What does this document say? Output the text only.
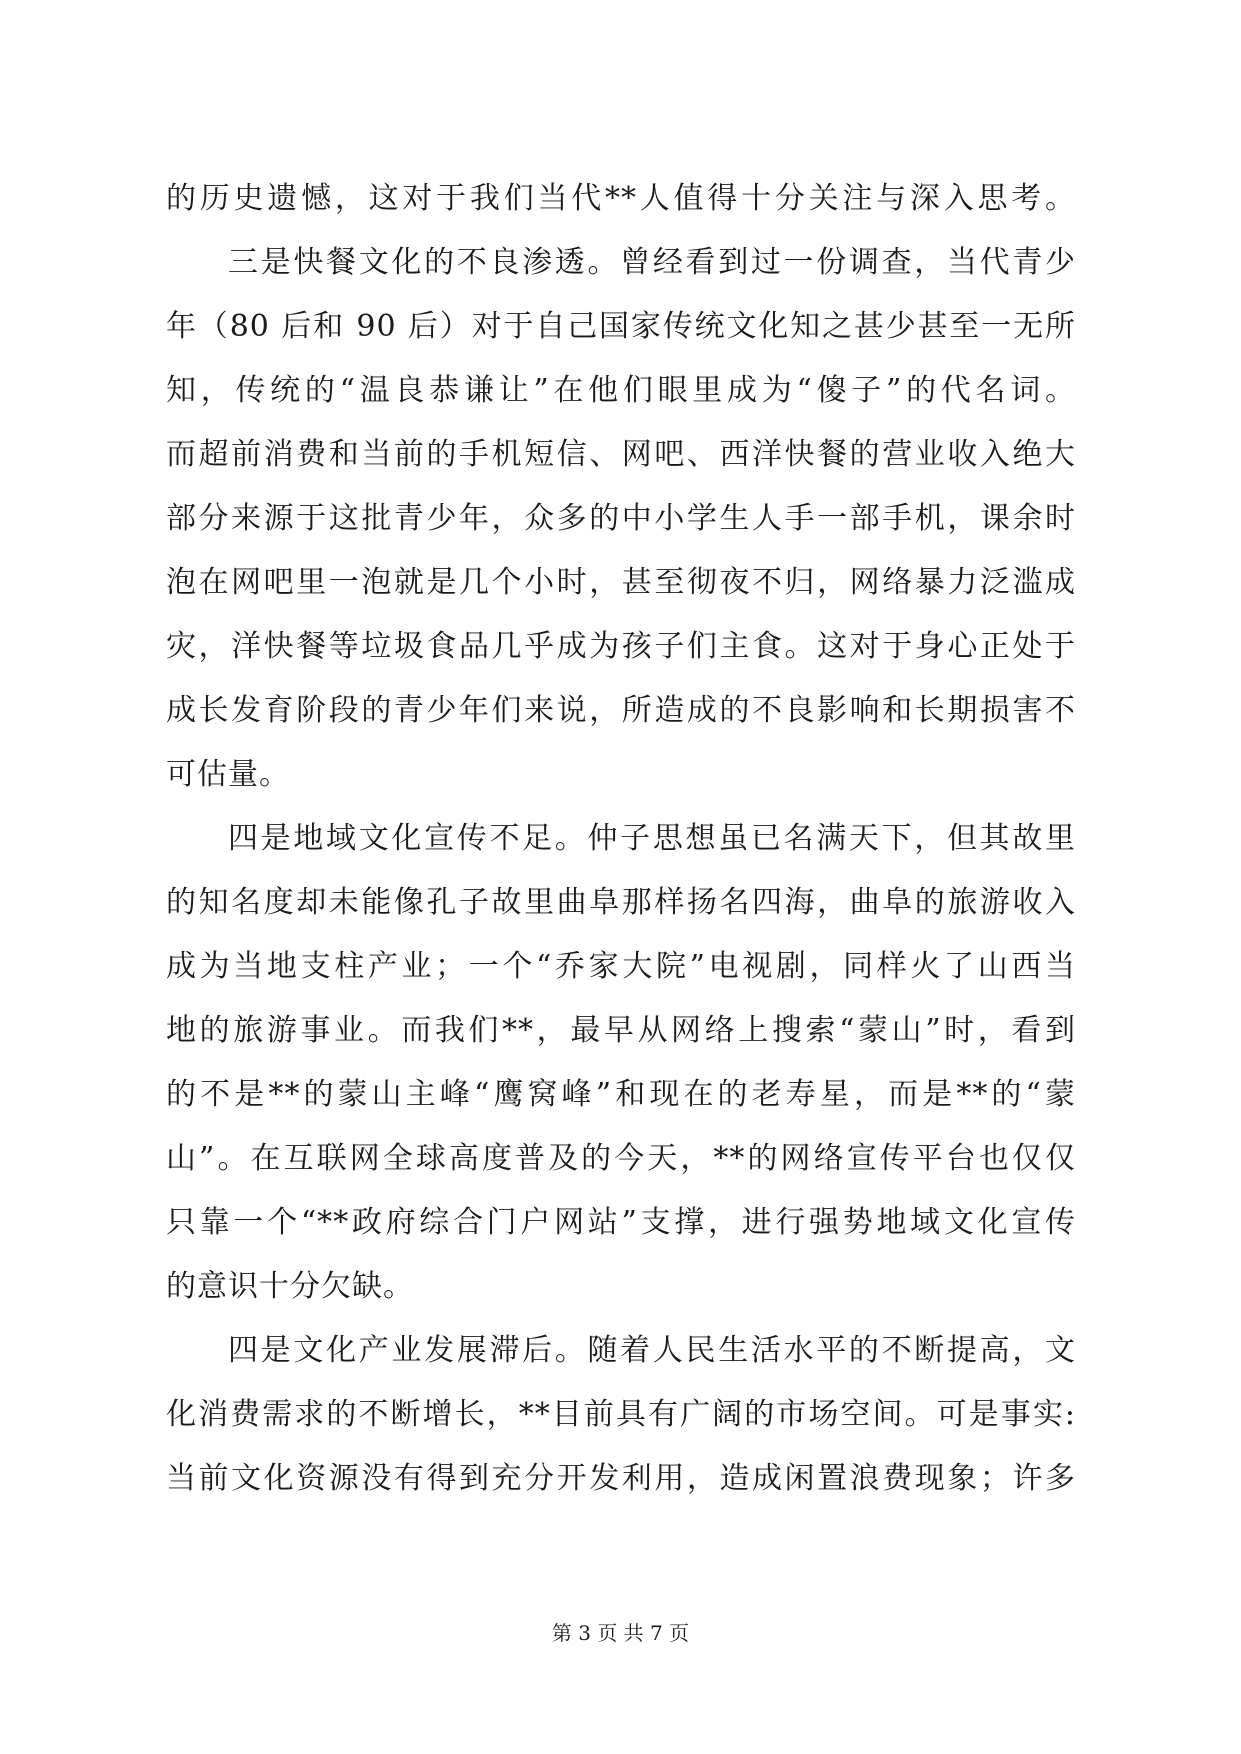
的历史遗憾，这对于我们当代**人值得十分关注与深入思考。
三是快餐文化的不良渗透。曾经看到过一份调查，当代青少
年（80 后和 90 后）对于自己国家传统文化知之甚少甚至一无所
知，传统的“温良恭谦让”在他们眼里成为“傻子”的代名词。
而超前消费和当前的手机短信、网吧、西洋快餐的营业收入绝大
部分来源于这批青少年，众多的中小学生人手一部手机，课余时
泡在网吧里一泡就是几个小时，甚至彻夜不归，网络暴力泛滥成
灾，洋快餐等垃圾食品几乎成为孩子们主食。这对于身心正处于
成长发育阶段的青少年们来说，所造成的不良影响和长期损害不
可估量。
四是地域文化宣传不足。仲子思想虽已名满天下，但其故里
的知名度却未能像孔子故里曲阜那样扬名四海，曲阜的旅游收入
成为当地支柱产业；一个“乔家大院”电视剧，同样火了山西当
地的旅游事业。而我们**，最早从网络上搜索“蒙山”时，看到
的不是**的蒙山主峰“鹰窝峰”和现在的老寿星，而是**的“蒙
山”。在互联网全球高度普及的今天，**的网络宣传平台也仅仅
只靠一个“**政府综合门户网站”支撑，进行强势地域文化宣传
的意识十分欠缺。
四是文化产业发展滞后。随着人民生活水平的不断提高，文
化消费需求的不断增长，**目前具有广阔的市场空间。可是事实:
当前文化资源没有得到充分开发利用，造成闲置浪费现象；许多
第 3 页 共 7 页
